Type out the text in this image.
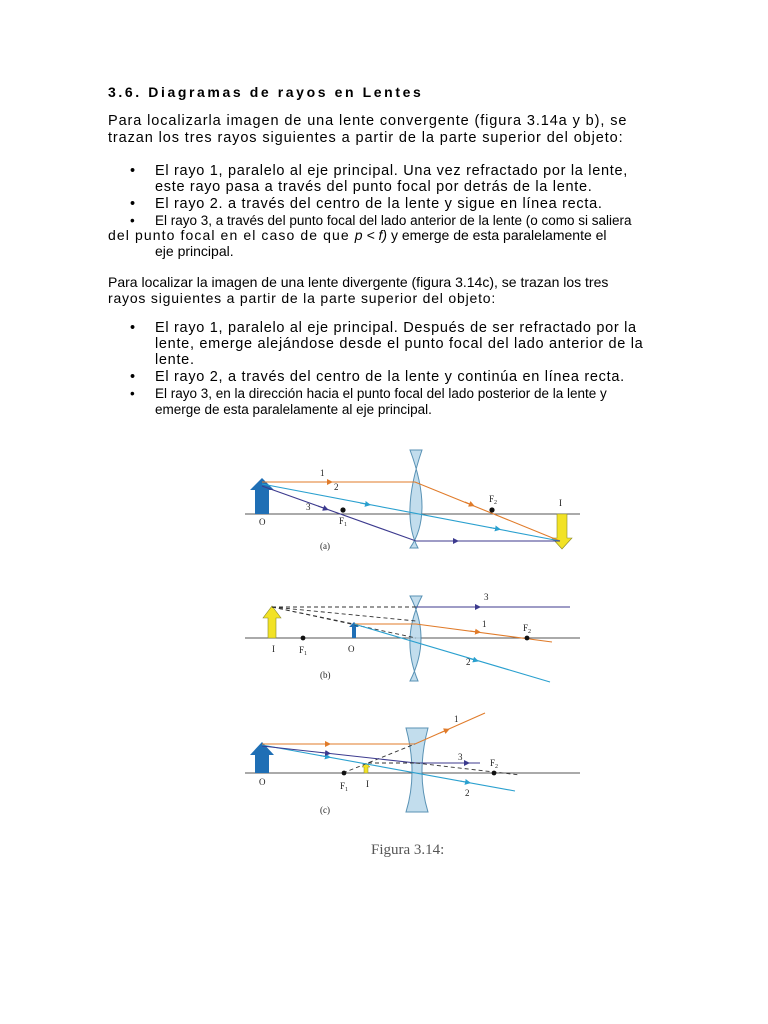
3.6. Diagramas de rayos en Lentes
Para localizarla imagen de una lente convergente (figura 3.14a y b), se
trazan los tres rayos siguientes a partir de la parte superior del objeto:
• El rayo 1, paralelo al eje principal. Una vez refractado por la lente,
este rayo pasa a través del punto focal por detrás de la lente.
• El rayo 2. a través del centro de la lente y sigue en línea recta.
• El rayo 3, a través del punto focal del lado anterior de la lente (o como si saliera
del punto focal en el caso de que p < f) y emerge de esta paralelamente el
eje principal.
Para localizar la imagen de una lente divergente (figura 3.14c), se trazan los tres
rayos siguientes a partir de la parte superior del objeto:
• El rayo 1, paralelo al eje principal. Después de ser refractado por la
lente, emerge alejándose desde el punto focal del lado anterior de la
lente.
• El rayo 2, a través del centro de la lente y continúa en línea recta.
• El rayo 3, en la dirección hacia el punto focal del lado posterior de la lente y
emerge de esta paralelamente al eje principal.
O	$F_1$
$F_2$	I
1
2
3
(a)
I	$F_1$	O
$F_2$
3
1
2
(b)
O	$F_1$
I
$F_2$
1
3
2
(c)
Figura 3.14:
